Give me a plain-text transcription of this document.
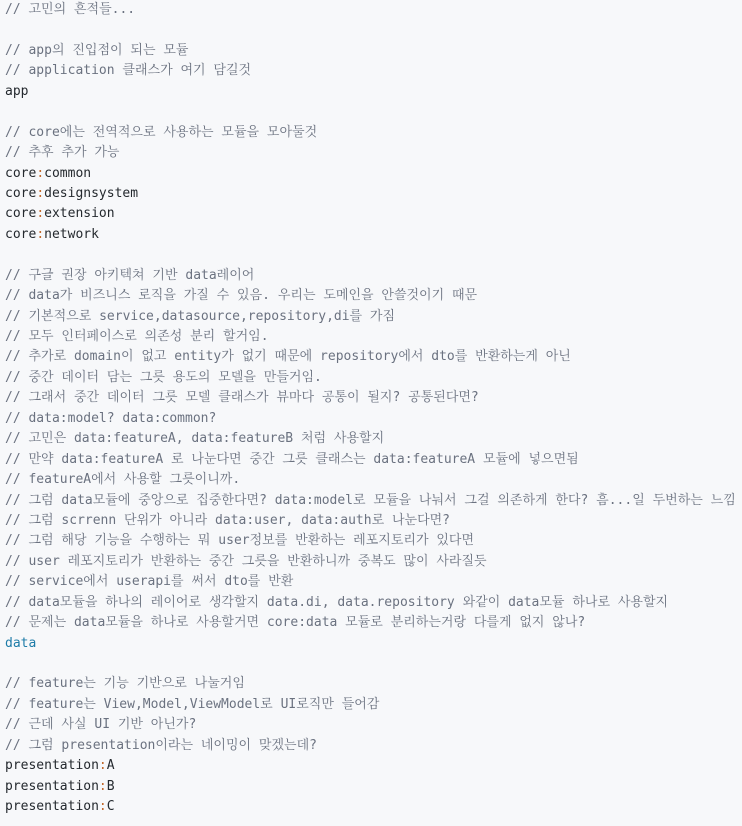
// 고민의 흔적들...

// app의 진입점이 되는 모듈
// application 클래스가 여기 담길것
app

// core에는 전역적으로 사용하는 모듈을 모아둘것
// 추후 추가 가능
core:common
core:designsystem
core:extension
core:network

// 구글 권장 아키텍쳐 기반 data레이어
// data가 비즈니스 로직을 가질 수 있음. 우리는 도메인을 안쓸것이기 때문
// 기본적으로 service,datasource,repository,di를 가짐
// 모두 인터페이스로 의존성 분리 할거임.
// 추가로 domain이 없고 entity가 없기 때문에 repository에서 dto를 반환하는게 아닌
// 중간 데이터 담는 그릇 용도의 모델을 만들거임.
// 그래서 중간 데이터 그릇 모델 클래스가 뷰마다 공통이 될지? 공통된다면?
// data:model? data:common?
// 고민은 data:featureA, data:featureB 처럼 사용할지
// 만약 data:featureA 로 나눈다면 중간 그릇 클래스는 data:featureA 모듈에 넣으면됨
// featureA에서 사용할 그릇이니까.
// 그럼 data모듈에 중앙으로 집중한다면? data:model로 모듈을 나눠서 그걸 의존하게 한다? 흠...일 두번하는 느낌
// 그럼 scrrenn 단위가 아니라 data:user, data:auth로 나눈다면?
// 그럼 해당 기능을 수행하는 뭐 user정보를 반환하는 레포지토리가 있다면
// user 레포지토리가 반환하는 중간 그릇을 반환하니까 중복도 많이 사라질듯
// service에서 userapi를 써서 dto를 반환
// data모듈을 하나의 레이어로 생각할지 data.di, data.repository 와같이 data모듈 하나로 사용할지
// 문제는 data모듈을 하나로 사용할거면 core:data 모듈로 분리하는거랑 다를게 없지 않나?
data

// feature는 기능 기반으로 나눌거임
// feature는 View,Model,ViewModel로 UI로직만 들어감
// 근데 사실 UI 기반 아닌가?
// 그럼 presentation이라는 네이밍이 맞겠는데?
presentation:A
presentation:B
presentation:C
